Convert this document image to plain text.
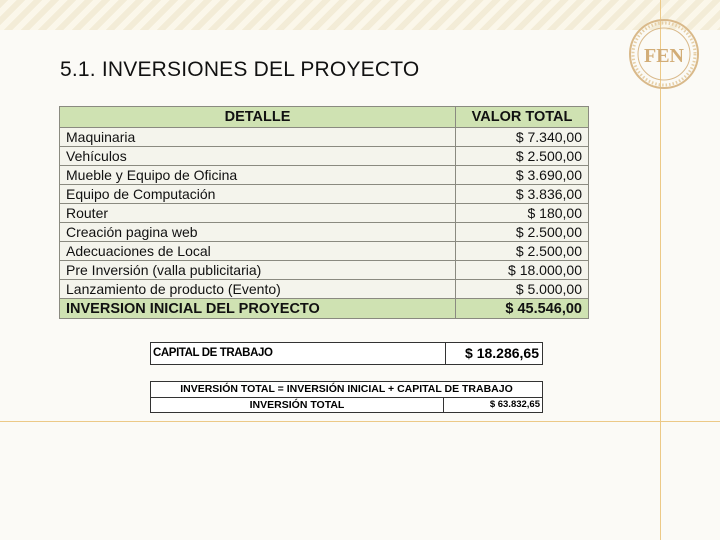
5.1. INVERSIONES DEL PROYECTO
FEN
DETALLE	VALOR TOTAL
Maquinaria	$ 7.340,00
Vehículos	$ 2.500,00
Mueble y Equipo de Oficina	$ 3.690,00
Equipo de Computación	$ 3.836,00
Router	$ 180,00
Creación pagina web	$ 2.500,00
Adecuaciones de Local	$ 2.500,00
Pre Inversión (valla publicitaria)	$ 18.000,00
Lanzamiento de producto (Evento)	$ 5.000,00
INVERSION INICIAL DEL PROYECTO	$ 45.546,00
CAPITAL DE TRABAJO	$ 18.286,65
INVERSIÓN TOTAL = INVERSIÓN INICIAL + CAPITAL DE TRABAJO
INVERSIÓN TOTAL	$ 63.832,65
